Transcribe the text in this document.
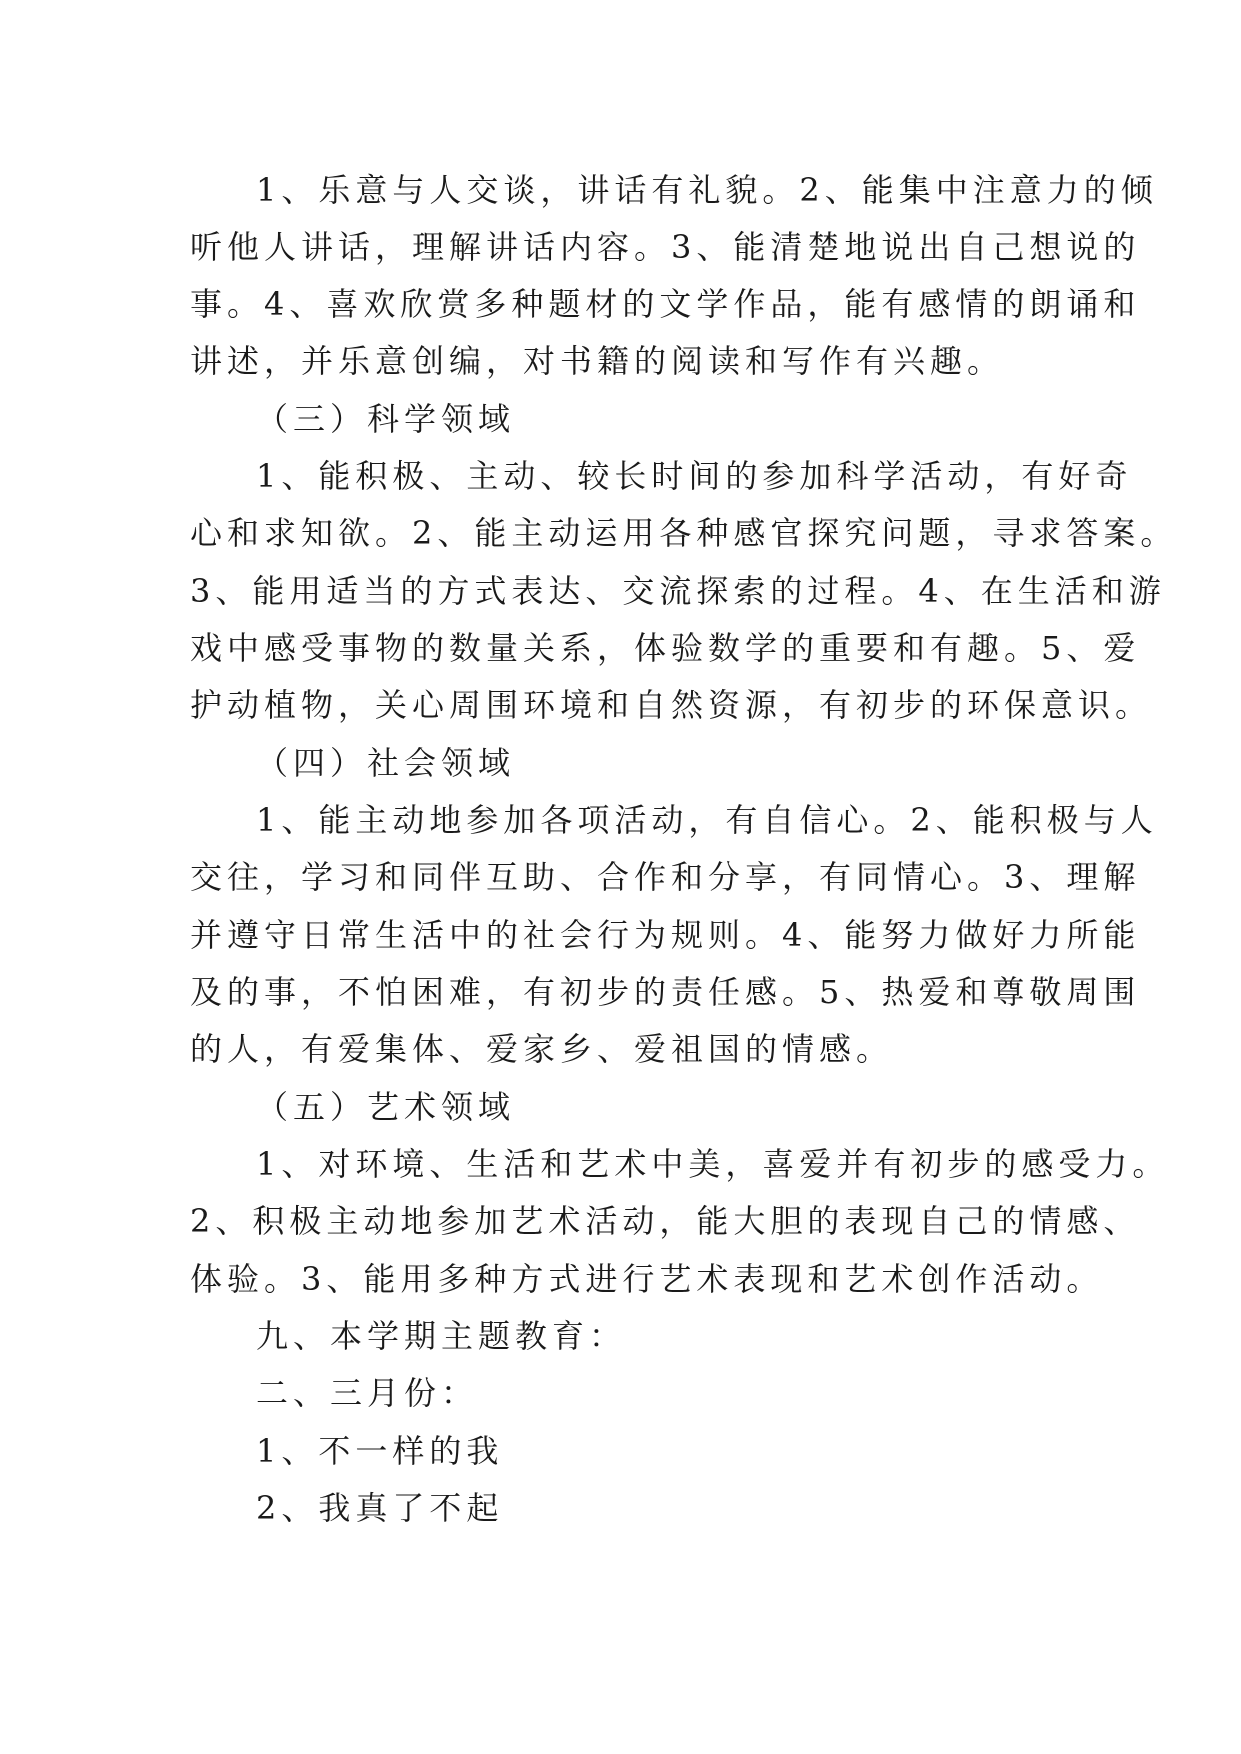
1、乐意与人交谈，讲话有礼貌。2、能集中注意力的倾
听他人讲话，理解讲话内容。3、能清楚地说出自己想说的
事。4、喜欢欣赏多种题材的文学作品，能有感情的朗诵和
讲述，并乐意创编，对书籍的阅读和写作有兴趣。
（三）科学领域
1、能积极、主动、较长时间的参加科学活动，有好奇
心和求知欲。2、能主动运用各种感官探究问题，寻求答案。
3、能用适当的方式表达、交流探索的过程。4、在生活和游
戏中感受事物的数量关系，体验数学的重要和有趣。5、爱
护动植物，关心周围环境和自然资源，有初步的环保意识。
（四）社会领域
1、能主动地参加各项活动，有自信心。2、能积极与人
交往，学习和同伴互助、合作和分享，有同情心。3、理解
并遵守日常生活中的社会行为规则。4、能努力做好力所能
及的事，不怕困难，有初步的责任感。5、热爱和尊敬周围
的人，有爱集体、爱家乡、爱祖国的情感。
（五）艺术领域
1、对环境、生活和艺术中美，喜爱并有初步的感受力。
2、积极主动地参加艺术活动，能大胆的表现自己的情感、
体验。3、能用多种方式进行艺术表现和艺术创作活动。
九、本学期主题教育：
二、三月份：
1、不一样的我
2、我真了不起
